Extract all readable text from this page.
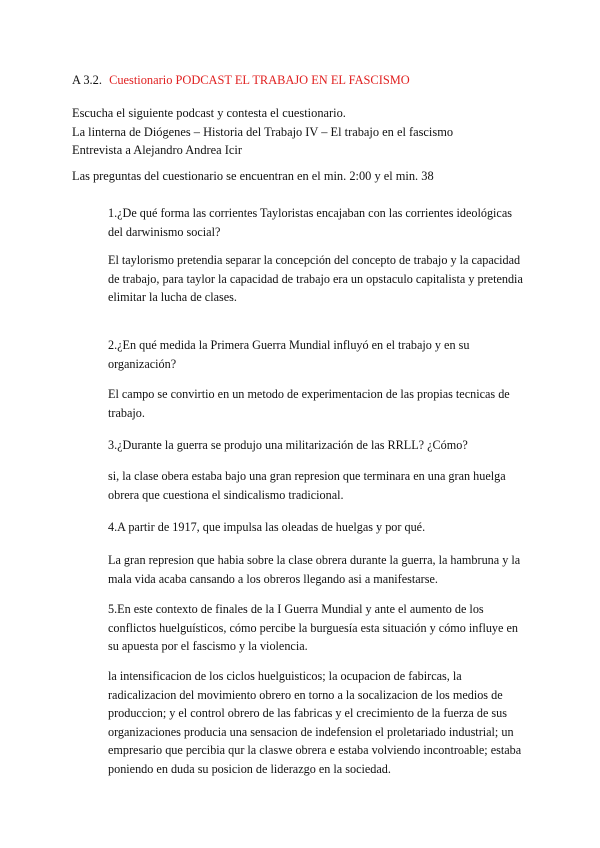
A 3.2. Cuestionario PODCAST EL TRABAJO EN EL FASCISMO
Escucha el siguiente podcast y contesta el cuestionario.
La linterna de Diógenes – Historia del Trabajo IV – El trabajo en el fascismo
Entrevista a Alejandro Andrea Icir
Las preguntas del cuestionario se encuentran en el min. 2:00 y el min. 38

1.¿De qué forma las corrientes Tayloristas encajaban con las corrientes ideológicas del darwinismo social?

El taylorismo pretendia separar la concepción del concepto de trabajo y la capacidad de trabajo, para taylor la capacidad de trabajo era un opstaculo capitalista y pretendia elimitar la lucha de clases.

2.¿En qué medida la Primera Guerra Mundial influyó en el trabajo y en su organización?

El campo se convirtio en un metodo de experimentacion de las propias tecnicas de trabajo.

3.¿Durante la guerra se produjo una militarización de las RRLL? ¿Cómo?

si, la clase obera estaba bajo una gran represion que terminara en una gran huelga obrera que cuestiona el sindicalismo tradicional.

4.A partir de 1917, que impulsa las oleadas de huelgas y por qué.

La gran represion que habia sobre la clase obrera durante la guerra, la hambruna y la mala vida acaba cansando a los obreros llegando asi a manifestarse.

5.En este contexto de finales de la I Guerra Mundial y ante el aumento de los conflictos huelguísticos, cómo percibe la burguesía esta situación y cómo influye en su apuesta por el fascismo y la violencia.

la intensificacion de los ciclos huelguisticos; la ocupacion de fabircas, la radicalizacion del movimiento obrero en torno a la socalizacion de los medios de produccion; y el control obrero de las fabricas y el crecimiento de la fuerza de sus organizaciones producia una sensacion de indefension el proletariado industrial; un empresario que percibia qur la claswe obrera e estaba volviendo incontroable; estaba poniendo en duda su posicion de liderazgo en la sociedad.
